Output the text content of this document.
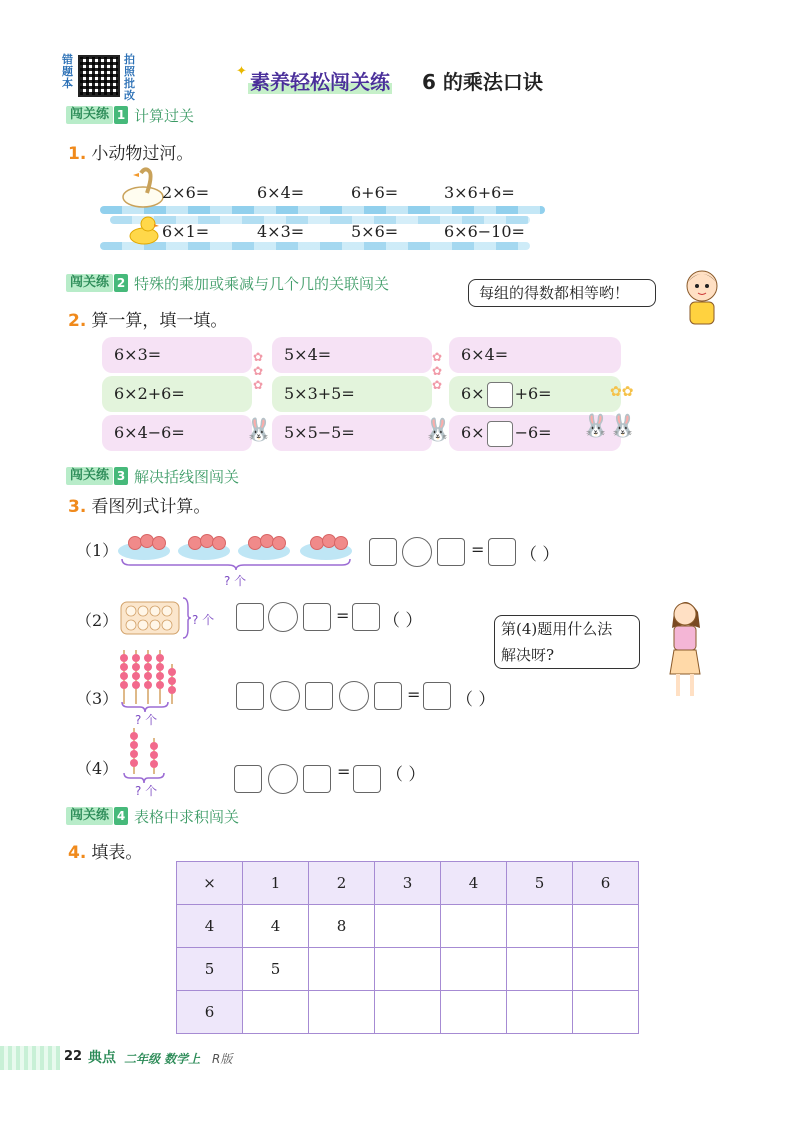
错
题
本
拍
照
批
改
✦ 素养轻松闯关练 6 的乘法口诀
闯关练 1 计算过关
1. 小动物过河。
2×6=	6×4=	6+6=	3×6+6=
6×1=	4×3=	5×6=	6×6−10=
闯关练 2 特殊的乘加或乘减与几个几的关联闯关
每组的得数都相等哟！
2. 算一算，填一填。
6×3=
6×2+6=
6×4−6=
5×4=
5×3+5=
5×5−5=
6×4=
6× +6=
6× −6=
✿
✿
✿
✿
✿
✿
🐰	🐰	🐰🐰
✿✿
闯关练 3 解决括线图闯关
3. 看图列式计算。
（1）
? 个
= （ ）
（2）	? 个	= （ ）	第(4)题用什么法
解决呀?
（3）
? 个
= （ ）
（4）
? 个
= （ ）
闯关练 4 表格中求积闯关
4. 填表。
×	1	2	3	4	5	6
4	4	8				
5	5					
6						
22 典点 二年级 数学上 R版
